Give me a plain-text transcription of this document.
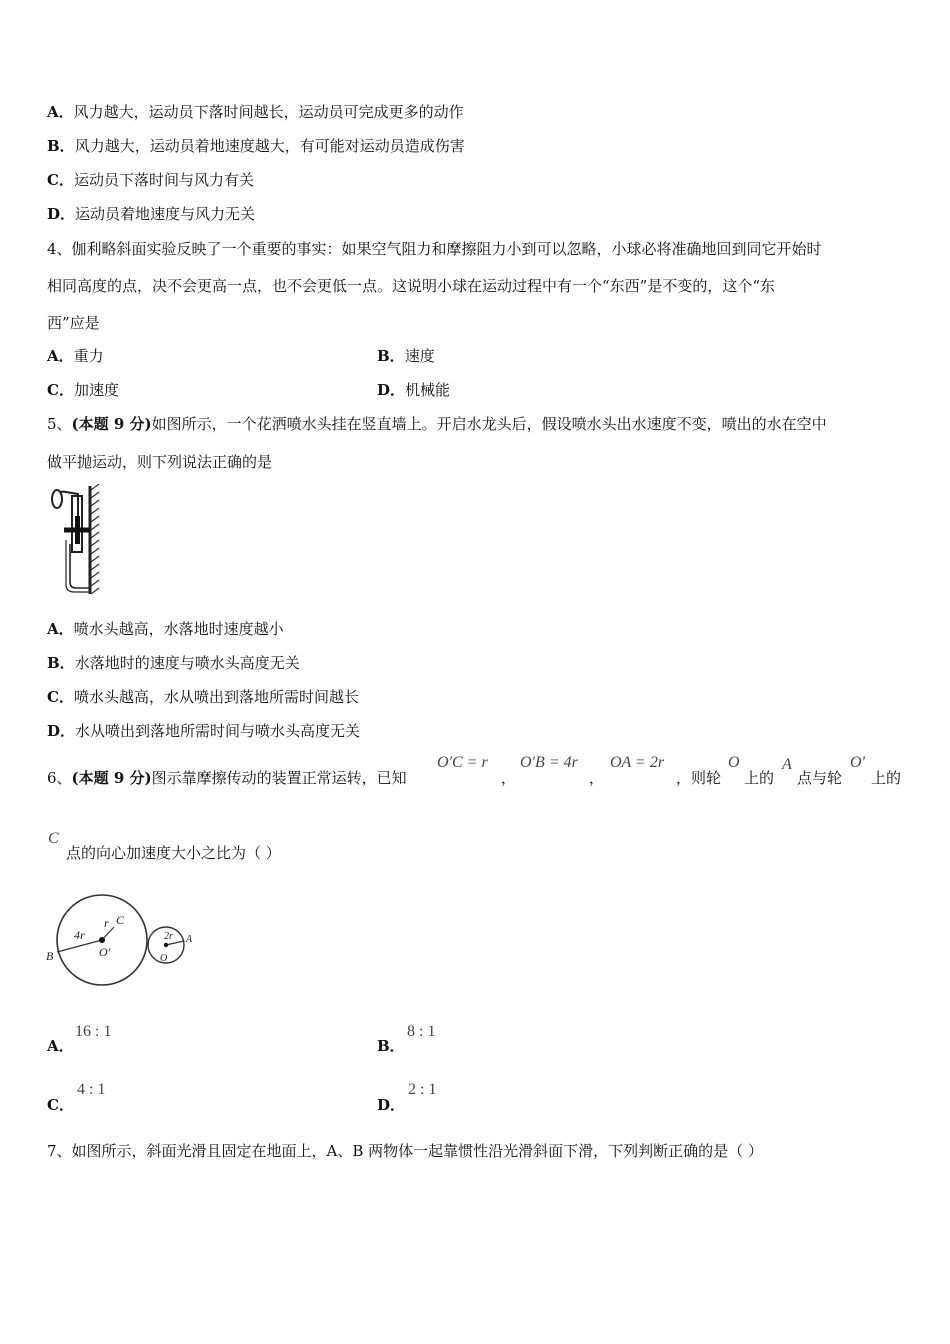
A．风力越大，运动员下落时间越长，运动员可完成更多的动作
B．风力越大，运动员着地速度越大，有可能对运动员造成伤害
C．运动员下落时间与风力有关
D．运动员着地速度与风力无关
4、伽利略斜面实验反映了一个重要的事实：如果空气阻力和摩擦阻力小到可以忽略，小球必将准确地回到同它开始时
相同高度的点，决不会更高一点，也不会更低一点。这说明小球在运动过程中有一个“东西”是不变的，这个“东
西”应是
A．重力	B．速度
C．加速度	D．机械能
5、(本题 9 分)如图所示，一个花洒喷水头挂在竖直墙上。开启水龙头后，假设喷水头出水速度不变，喷出的水在空中
做平抛运动，则下列说法正确的是
A．喷水头越高，水落地时速度越小
B．水落地时的速度与喷水头高度无关
C．喷水头越高，水从喷出到落地所需时间越长
D．水从喷出到落地所需时间与喷水头高度无关
6、(本题 9 分)图示靠摩擦传动的装置正常运转，已知
O′C = r
，
O′B = 4r
，
OA = 2r
，则轮
O
上的
A
点与轮
O′
上的
C
点的向心加速度大小之比为（ ）
B
r C
4r
O′
2r A
O
A．
16 : 1
B．
8 : 1
C．
4 : 1
D．
2 : 1
7、如图所示，斜面光滑且固定在地面上，A、B 两物体一起靠惯性沿光滑斜面下滑，下列判断正确的是（ ）
